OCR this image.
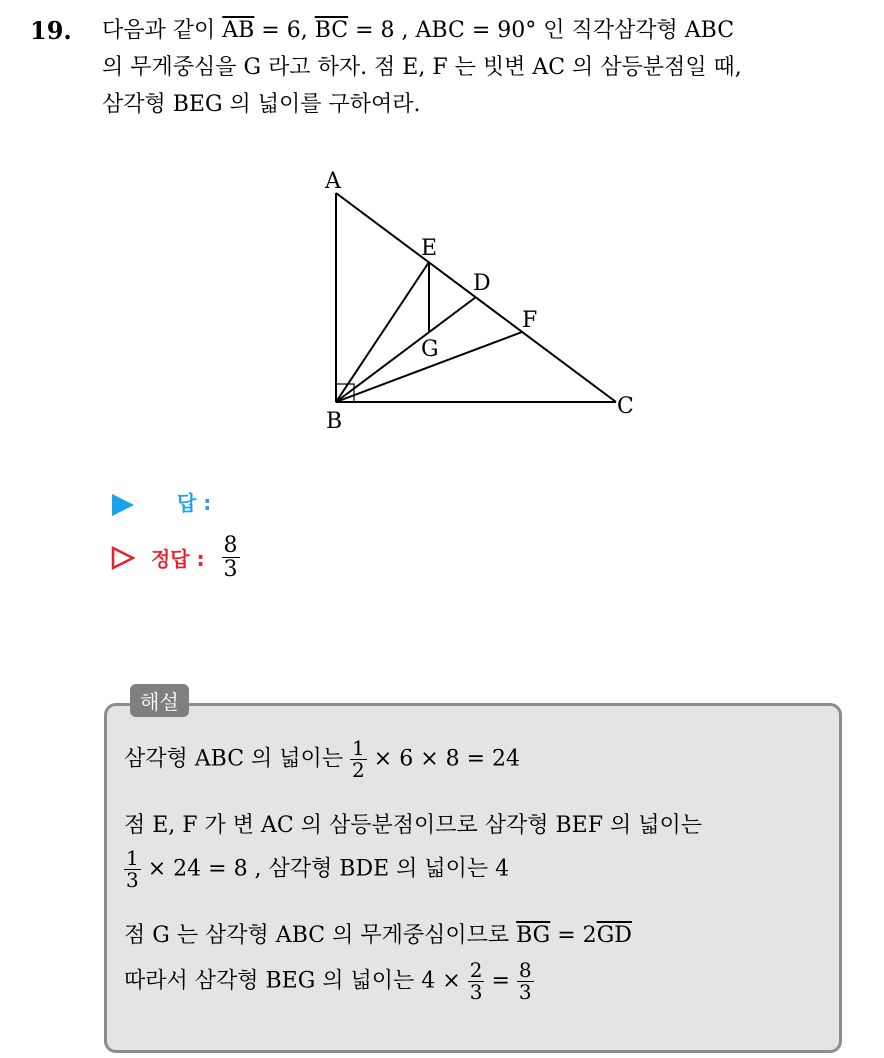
19. 다음과 같이 $\overline{AB} = 6$, $\overline{BC} = 8$ , ABC = 90° 인 직각삼각형 ABC
의 무게중심을 G 라고 하자. 점 E, F 는 빗변 AC 의 삼등분점일 때,
삼각형 BEG 의 넓이를 구하여라.
A
E
D
F
G
B
C
답 :
정답 : $\frac{8}{3}$
해설
삼각형 ABC 의 넓이는 $\frac{1}{2} \times 6 \times 8 = 24$
점 E, F 가 변 AC 의 삼등분점이므로 삼각형 BEF 의 넓이는
$\frac{1}{3} \times 24 = 8$ , 삼각형 BDE 의 넓이는 4
점 G 는 삼각형 ABC 의 무게중심이므로 $\overline{BG} = 2\overline{GD}$
따라서 삼각형 BEG 의 넓이는 $4 \times \frac{2}{3} = \frac{8}{3}$
